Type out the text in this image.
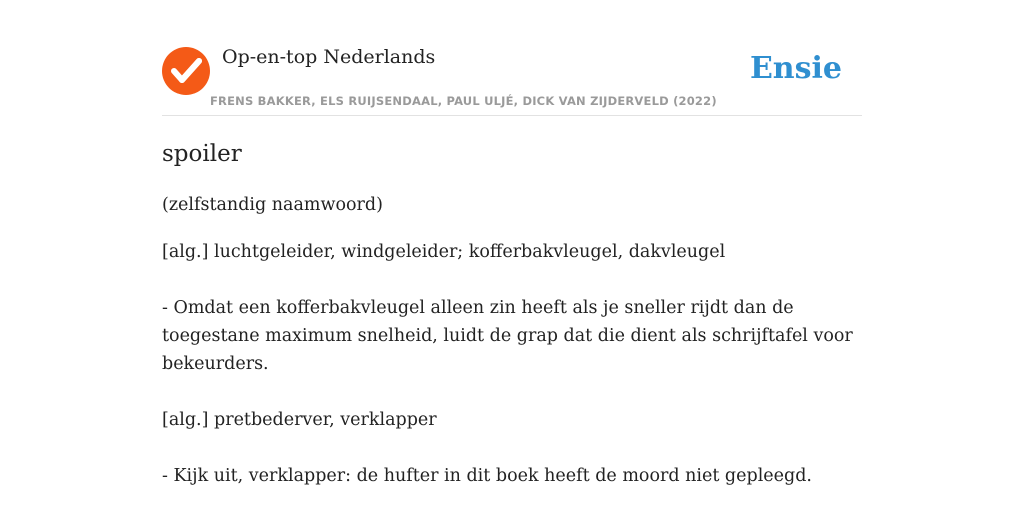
Op-en-top Nederlands
FRENS BAKKER, ELS RUIJSENDAAL, PAUL ULJÉ, DICK VAN ZIJDERVELD (2022)
Ensie
spoiler
(zelfstandig naamwoord)

[alg.] luchtgeleider, windgeleider; kofferbakvleugel, dakvleugel

- Omdat een kofferbakvleugel alleen zin heeft als je sneller rijdt dan de toegestane maximum snelheid, luidt de grap dat die dient als schrijftafel voor bekeurders.

[alg.] pretbederver, verklapper

- Kijk uit, verklapper: de hufter in dit boek heeft de moord niet gepleegd.
